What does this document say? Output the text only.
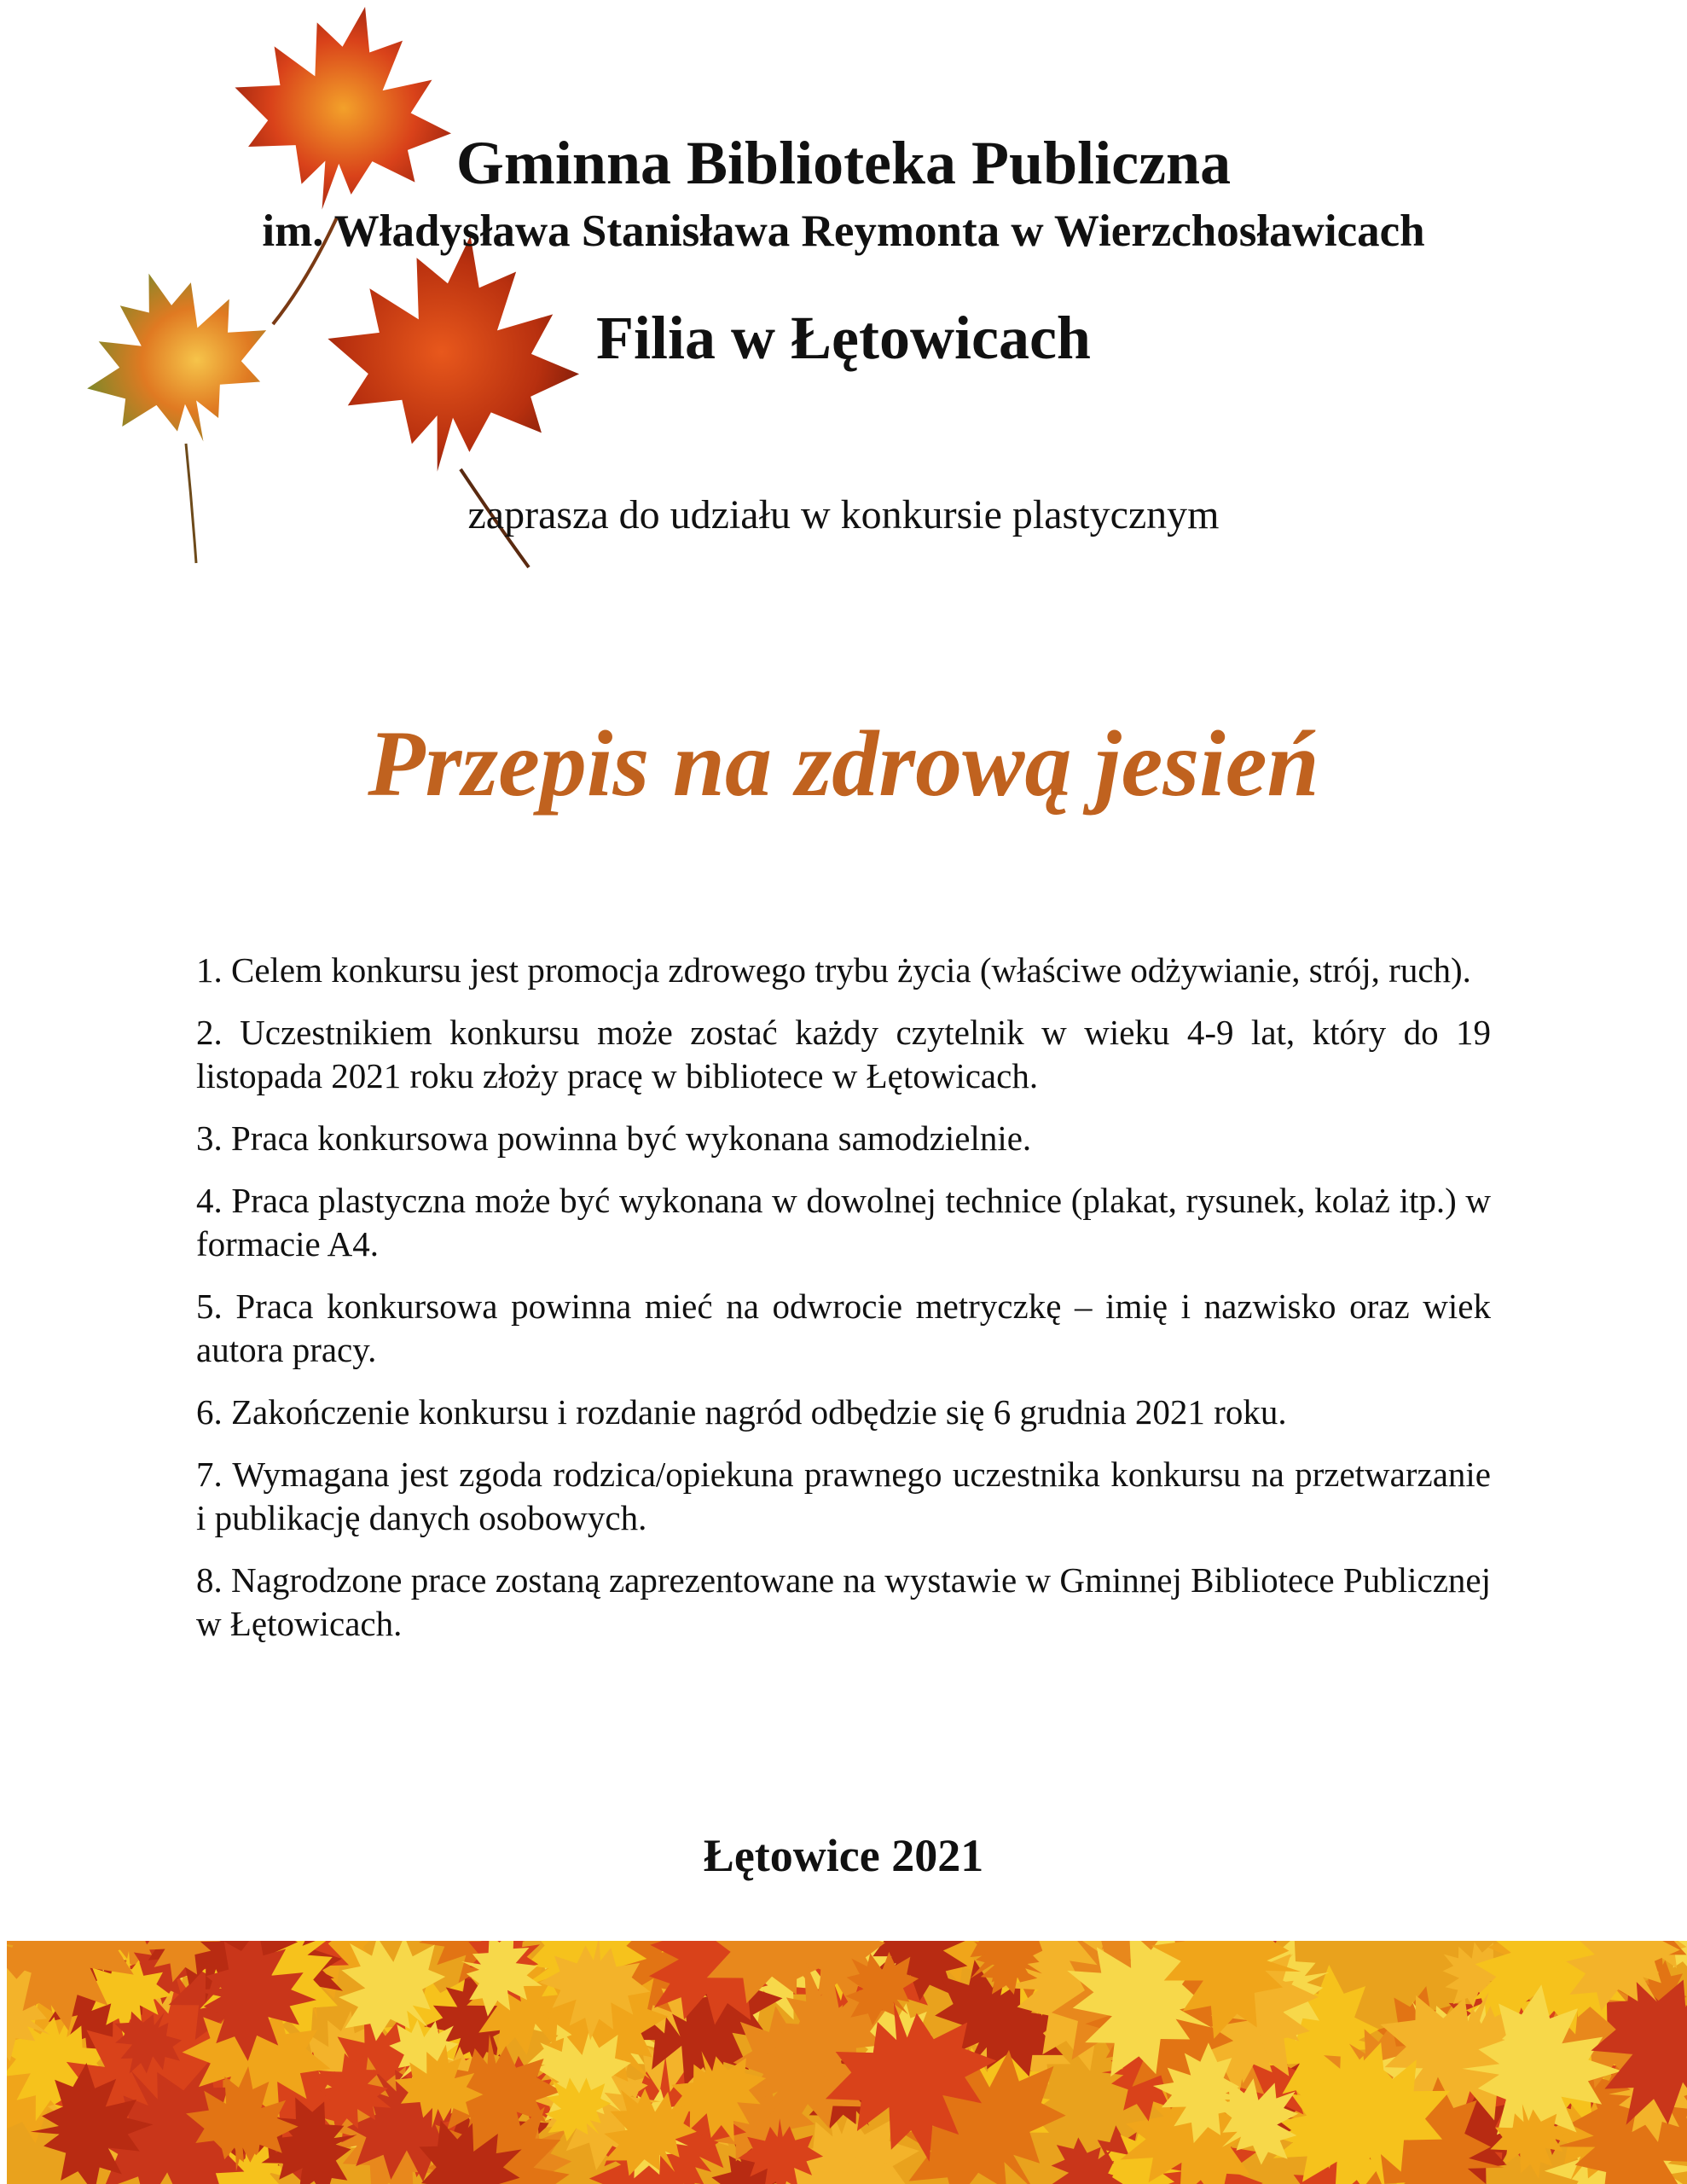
Gminna Biblioteka Publiczna
im. Władysława Stanisława Reymonta w Wierzchosławicach
Filia w Łętowicach
zaprasza do udziału w konkursie plastycznym
Przepis na zdrową jesień

1. Celem konkursu jest promocja zdrowego trybu życia (właściwe odżywianie, strój, ruch).

2. Uczestnikiem konkursu może zostać każdy czytelnik w wieku 4-9 lat, który do 19 listopada 2021 roku złoży pracę w bibliotece w Łętowicach.

3. Praca konkursowa powinna być wykonana samodzielnie.

4. Praca plastyczna może być wykonana w dowolnej technice (plakat, rysunek, kolaż itp.) w formacie A4.

5. Praca konkursowa powinna mieć na odwrocie metryczkę – imię i nazwisko oraz wiek autora pracy.

6. Zakończenie konkursu i rozdanie nagród odbędzie się 6 grudnia 2021 roku.

7. Wymagana jest zgoda rodzica/opiekuna prawnego uczestnika konkursu na przetwarzanie i publikację danych osobowych.

8. Nagrodzone prace zostaną zaprezentowane na wystawie w Gminnej Bibliotece Publicznej w Łętowicach.

Łętowice 2021
